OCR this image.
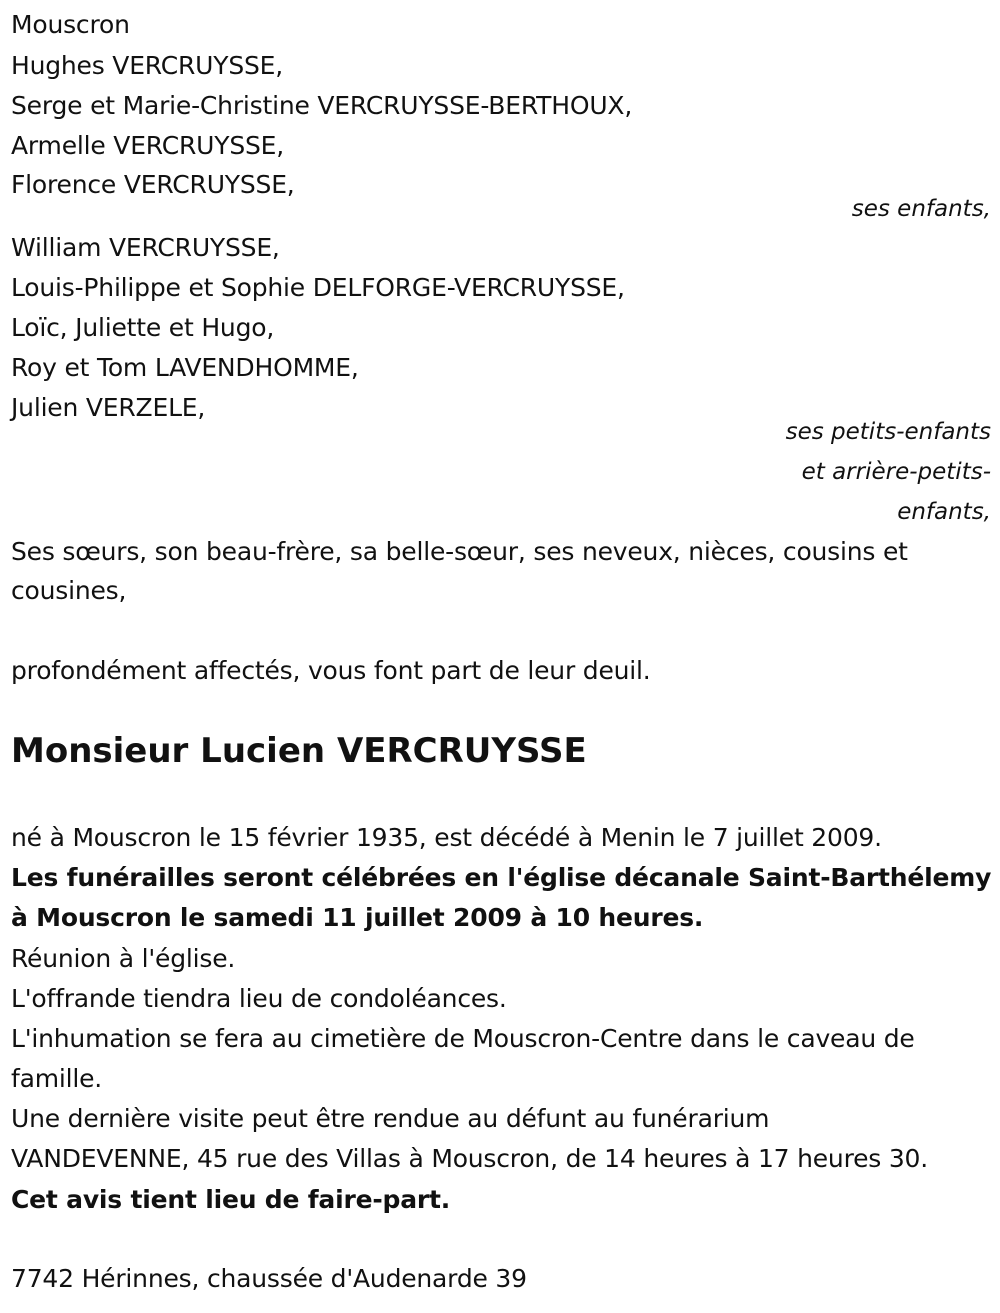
Mouscron
Hughes VERCRUYSSE,
Serge et Marie-Christine VERCRUYSSE-BERTHOUX,
Armelle VERCRUYSSE,
Florence VERCRUYSSE,
ses enfants,
William VERCRUYSSE,
Louis-Philippe et Sophie DELFORGE-VERCRUYSSE,
Loïc, Juliette et Hugo,
Roy et Tom LAVENDHOMME,
Julien VERZELE,
ses petits-enfants
et arrière-petits-
enfants,
Ses sœurs, son beau-frère, sa belle-sœur, ses neveux, nièces, cousins et
cousines,
profondément affectés, vous font part de leur deuil.
Monsieur Lucien VERCRUYSSE
né à Mouscron le 15 février 1935, est décédé à Menin le 7 juillet 2009.
Les funérailles seront célébrées en l'église décanale Saint-Barthélemy
à Mouscron le samedi 11 juillet 2009 à 10 heures.
Réunion à l'église.
L'offrande tiendra lieu de condoléances.
L'inhumation se fera au cimetière de Mouscron-Centre dans le caveau de
famille.
Une dernière visite peut être rendue au défunt au funérarium
VANDEVENNE, 45 rue des Villas à Mouscron, de 14 heures à 17 heures 30.
Cet avis tient lieu de faire-part.
7742 Hérinnes, chaussée d'Audenarde 39
